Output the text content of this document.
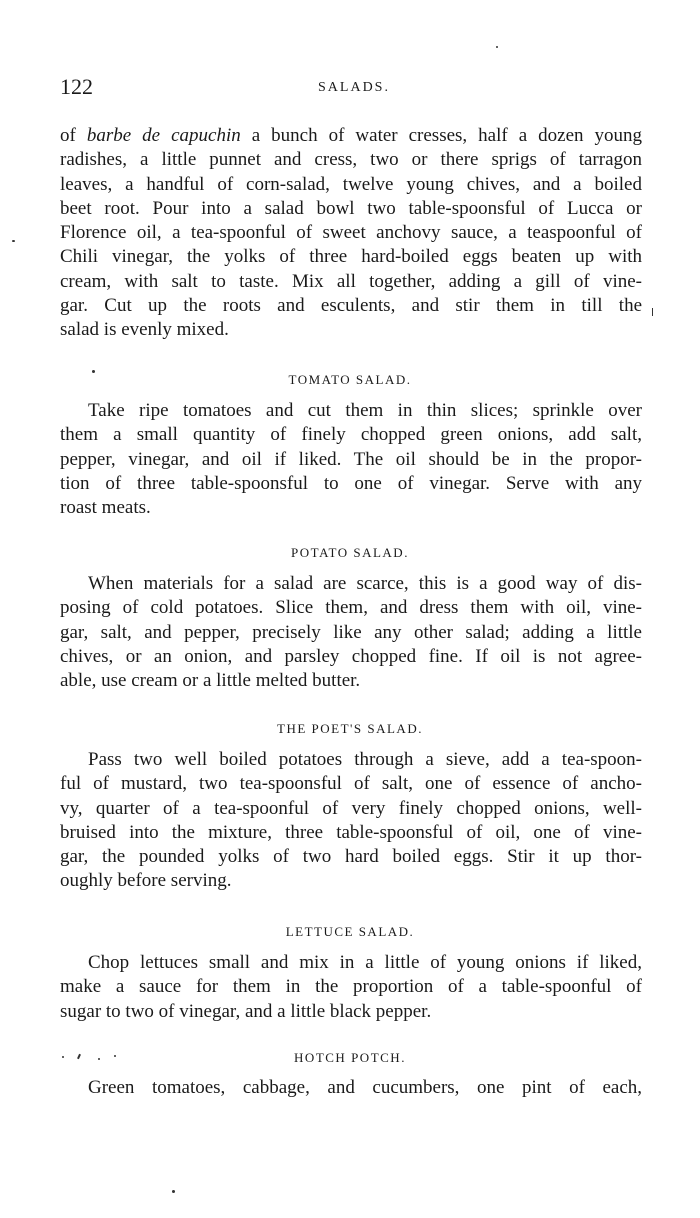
122	SALADS.
of barbe de capuchin a bunch of water cresses, half a dozen young
radishes, a little punnet and cress, two or there sprigs of tarragon
leaves, a handful of corn-salad, twelve young chives, and a boiled
beet root. Pour into a salad bowl two table-spoonsful of Lucca or
Florence oil, a tea-spoonful of sweet anchovy sauce, a teaspoonful of
Chili vinegar, the yolks of three hard-boiled eggs beaten up with
cream, with salt to taste. Mix all together, adding a gill of vine-
gar. Cut up the roots and esculents, and stir them in till the
salad is evenly mixed.
TOMATO SALAD.
Take ripe tomatoes and cut them in thin slices; sprinkle over
them a small quantity of finely chopped green onions, add salt,
pepper, vinegar, and oil if liked. The oil should be in the propor-
tion of three table-spoonsful to one of vinegar. Serve with any
roast meats.
POTATO SALAD.
When materials for a salad are scarce, this is a good way of dis-
posing of cold potatoes. Slice them, and dress them with oil, vine-
gar, salt, and pepper, precisely like any other salad; adding a little
chives, or an onion, and parsley chopped fine. If oil is not agree-
able, use cream or a little melted butter.
THE POET'S SALAD.
Pass two well boiled potatoes through a sieve, add a tea-spoon-
ful of mustard, two tea-spoonsful of salt, one of essence of ancho-
vy, quarter of a tea-spoonful of very finely chopped onions, well-
bruised into the mixture, three table-spoonsful of oil, one of vine-
gar, the pounded yolks of two hard boiled eggs. Stir it up thor-
oughly before serving.
LETTUCE SALAD.
Chop lettuces small and mix in a little of young onions if liked,
make a sauce for them in the proportion of a table-spoonful of
sugar to two of vinegar, and a little black pepper.
HOTCH POTCH.
Green tomatoes, cabbage, and cucumbers, one pint of each,
